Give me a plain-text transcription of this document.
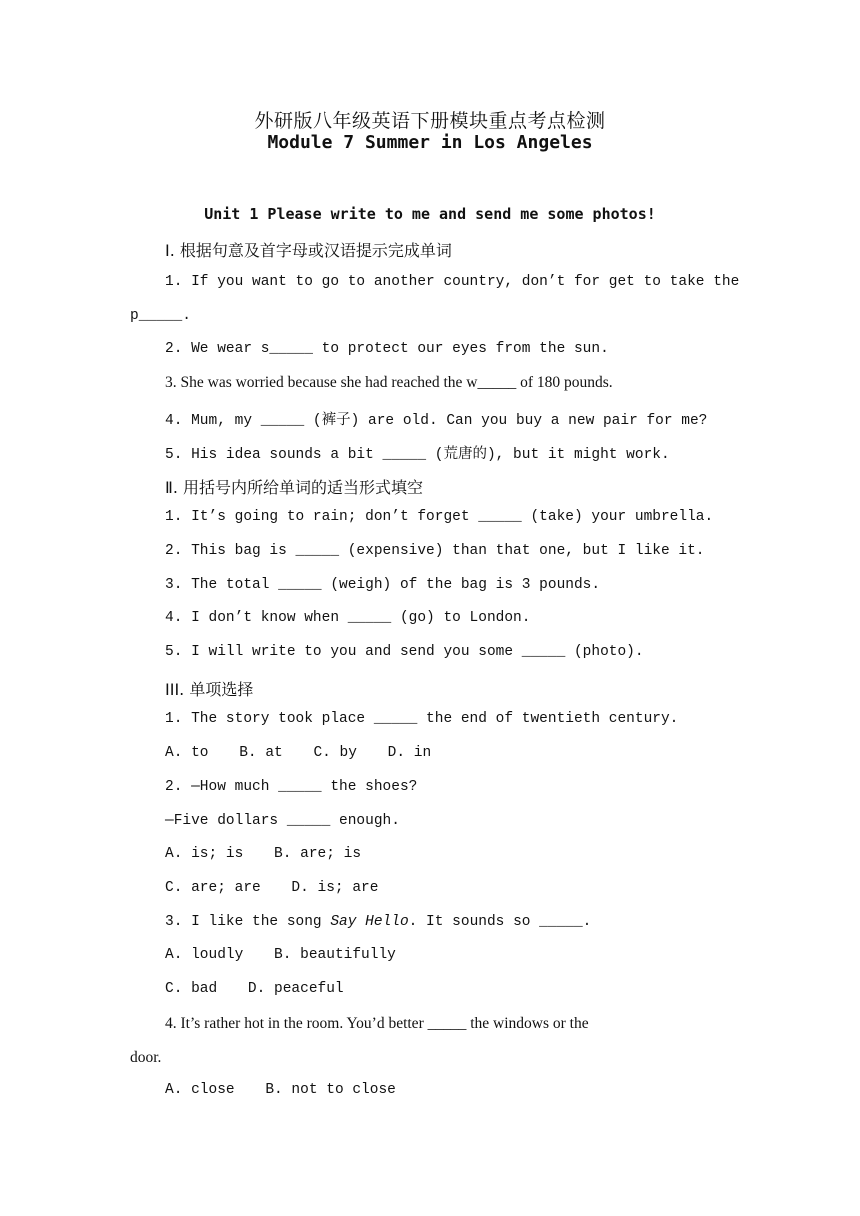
外研版八年级英语下册模块重点考点检测
Module 7 Summer in Los Angeles
Unit 1 Please write to me and send me some photos!
Ⅰ. 根据句意及首字母或汉语提示完成单词
1. If you want to go to another country, don’t for get to take the
p_____.
2. We wear s_____ to protect our eyes from the sun.
3. She was worried because she had reached the w_____ of 180 pounds.
4. Mum, my _____ (裤子) are old. Can you buy a new pair for me?
5. His idea sounds a bit _____ (荒唐的), but it might work.
Ⅱ. 用括号内所给单词的适当形式填空
1. It’s going to rain; don’t forget _____ (take) your umbrella.
2. This bag is _____ (expensive) than that one, but I like it.
3. The total _____ (weigh) of the bag is 3 pounds.
4. I don’t know when _____ (go) to London.
5. I will write to you and send you some _____ (photo).
III. 单项选择
1. The story took place _____ the end of twentieth century.
A. to B. at C. by D. in
2. —How much _____ the shoes?
—Five dollars _____ enough.
A. is; is B. are; is
C. are; are D. is; are
3. I like the song Say Hello. It sounds so _____.
A. loudly B. beautifully
C. bad D. peaceful
4. It’s rather hot in the room. You’d better _____ the windows or the
door.
A. close B. not to close
